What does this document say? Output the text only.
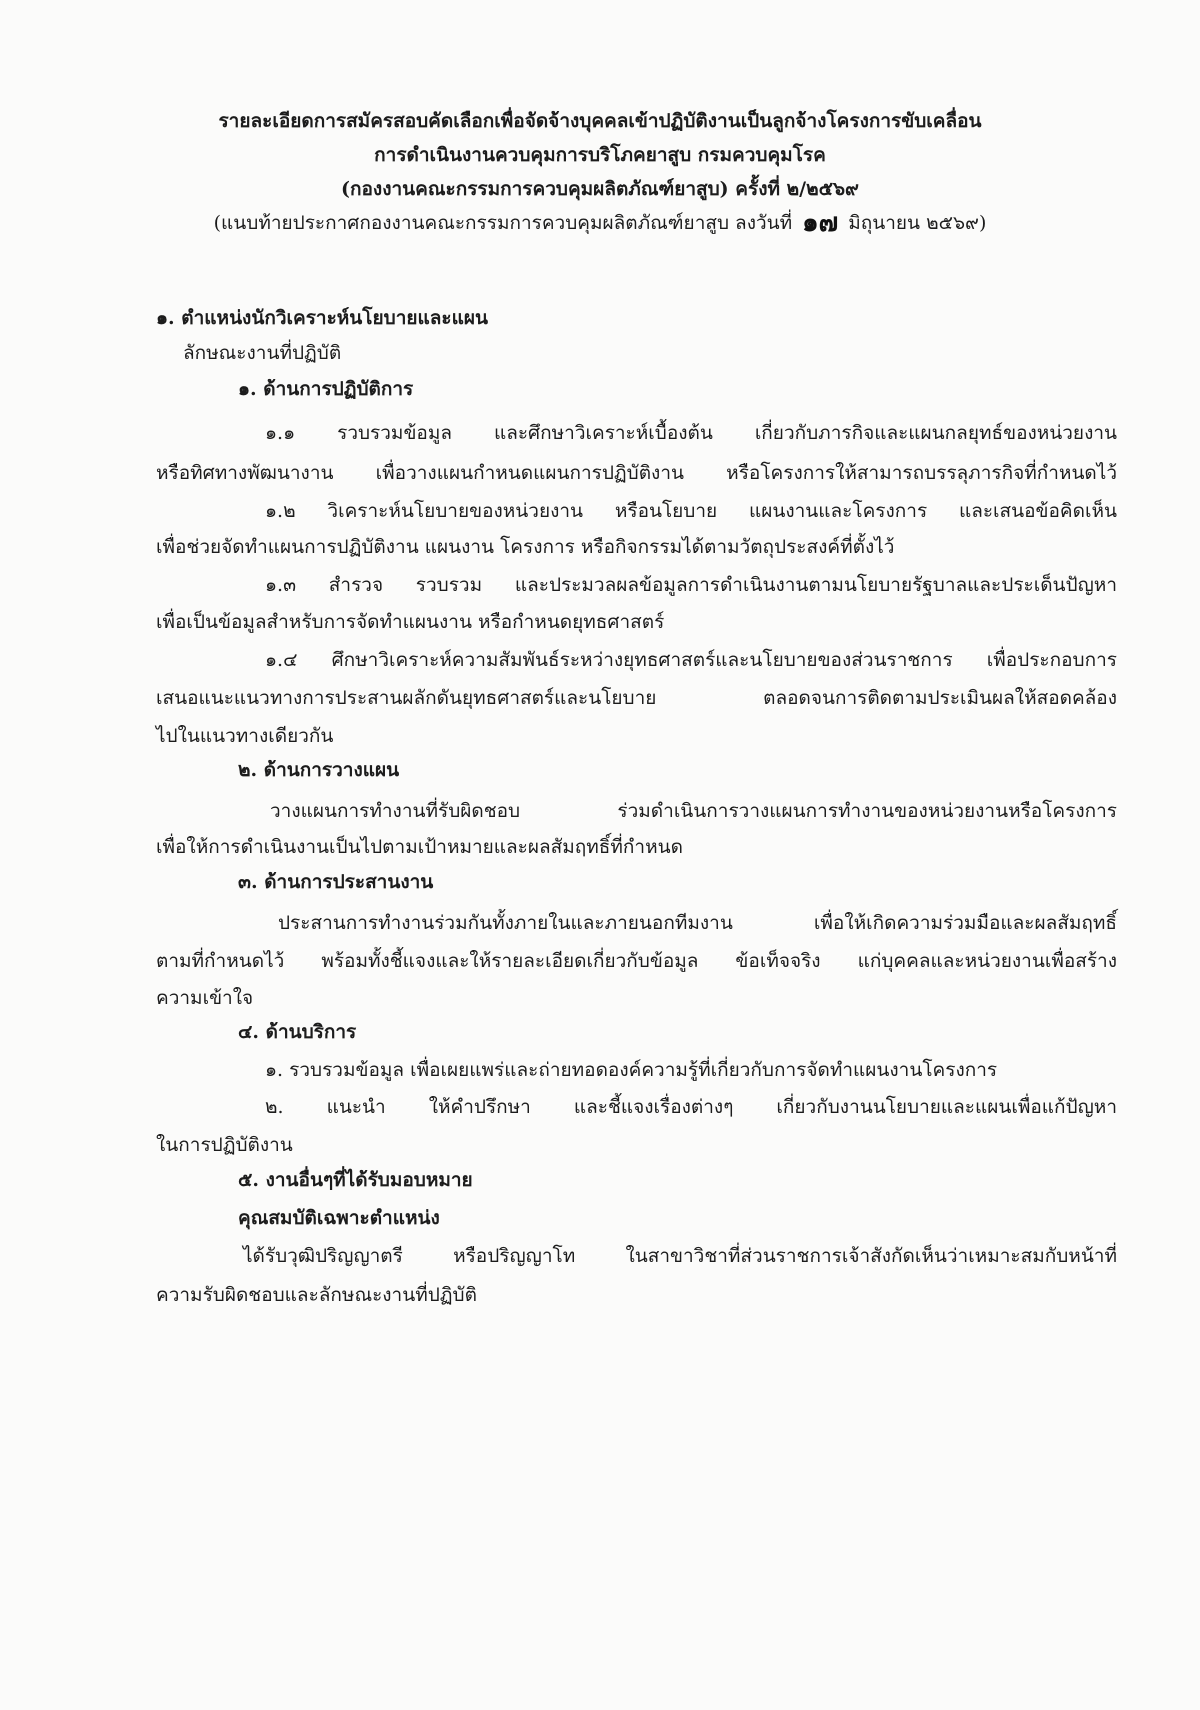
รายละเอียดการสมัครสอบคัดเลือกเพื่อจัดจ้างบุคคลเข้าปฏิบัติงานเป็นลูกจ้างโครงการขับเคลื่อน

การดำเนินงานควบคุมการบริโภคยาสูบ กรมควบคุมโรค

(กองงานคณะกรรมการควบคุมผลิตภัณฑ์ยาสูบ) ครั้งที่ ๒/๒๕๖๙

(แนบท้ายประกาศกองงานคณะกรรมการควบคุมผลิตภัณฑ์ยาสูบ ลงวันที่ ๑๗ มิถุนายน ๒๕๖๙)

๑. ตำแหน่งนักวิเคราะห์นโยบายและแผน

ลักษณะงานที่ปฏิบัติ

๑. ด้านการปฏิบัติการ

๑.๑ รวบรวมข้อมูล และศึกษาวิเคราะห์เบื้องต้น เกี่ยวกับภารกิจและแผนกลยุทธ์ของหน่วยงาน

หรือทิศทางพัฒนางาน เพื่อวางแผนกำหนดแผนการปฏิบัติงาน หรือโครงการให้สามารถบรรลุภารกิจที่กำหนดไว้

๑.๒ วิเคราะห์นโยบายของหน่วยงาน หรือนโยบาย แผนงานและโครงการ และเสนอข้อคิดเห็น

เพื่อช่วยจัดทำแผนการปฏิบัติงาน แผนงาน โครงการ หรือกิจกรรมได้ตามวัตถุประสงค์ที่ตั้งไว้

๑.๓ สำรวจ รวบรวม และประมวลผลข้อมูลการดำเนินงานตามนโยบายรัฐบาลและประเด็นปัญหา

เพื่อเป็นข้อมูลสำหรับการจัดทำแผนงาน หรือกำหนดยุทธศาสตร์

๑.๔ ศึกษาวิเคราะห์ความสัมพันธ์ระหว่างยุทธศาสตร์และนโยบายของส่วนราชการ เพื่อประกอบการ

เสนอแนะแนวทางการประสานผลักดันยุทธศาสตร์และนโยบาย ตลอดจนการติดตามประเมินผลให้สอดคล้อง

ไปในแนวทางเดียวกัน

๒. ด้านการวางแผน

วางแผนการทำงานที่รับผิดชอบ ร่วมดำเนินการวางแผนการทำงานของหน่วยงานหรือโครงการ

เพื่อให้การดำเนินงานเป็นไปตามเป้าหมายและผลสัมฤทธิ์ที่กำหนด

๓. ด้านการประสานงาน

ประสานการทำงานร่วมกันทั้งภายในและภายนอกทีมงาน เพื่อให้เกิดความร่วมมือและผลสัมฤทธิ์

ตามที่กำหนดไว้ พร้อมทั้งชี้แจงและให้รายละเอียดเกี่ยวกับข้อมูล ข้อเท็จจริง แก่บุคคลและหน่วยงานเพื่อสร้าง

ความเข้าใจ

๔. ด้านบริการ

๑. รวบรวมข้อมูล เพื่อเผยแพร่และถ่ายทอดองค์ความรู้ที่เกี่ยวกับการจัดทำแผนงานโครงการ

๒. แนะนำ ให้คำปรึกษา และชี้แจงเรื่องต่างๆ เกี่ยวกับงานนโยบายและแผนเพื่อแก้ปัญหา

ในการปฏิบัติงาน

๕. งานอื่นๆที่ได้รับมอบหมาย

คุณสมบัติเฉพาะตำแหน่ง

ได้รับวุฒิปริญญาตรี หรือปริญญาโท ในสาขาวิชาที่ส่วนราชการเจ้าสังกัดเห็นว่าเหมาะสมกับหน้าที่

ความรับผิดชอบและลักษณะงานที่ปฏิบัติ
